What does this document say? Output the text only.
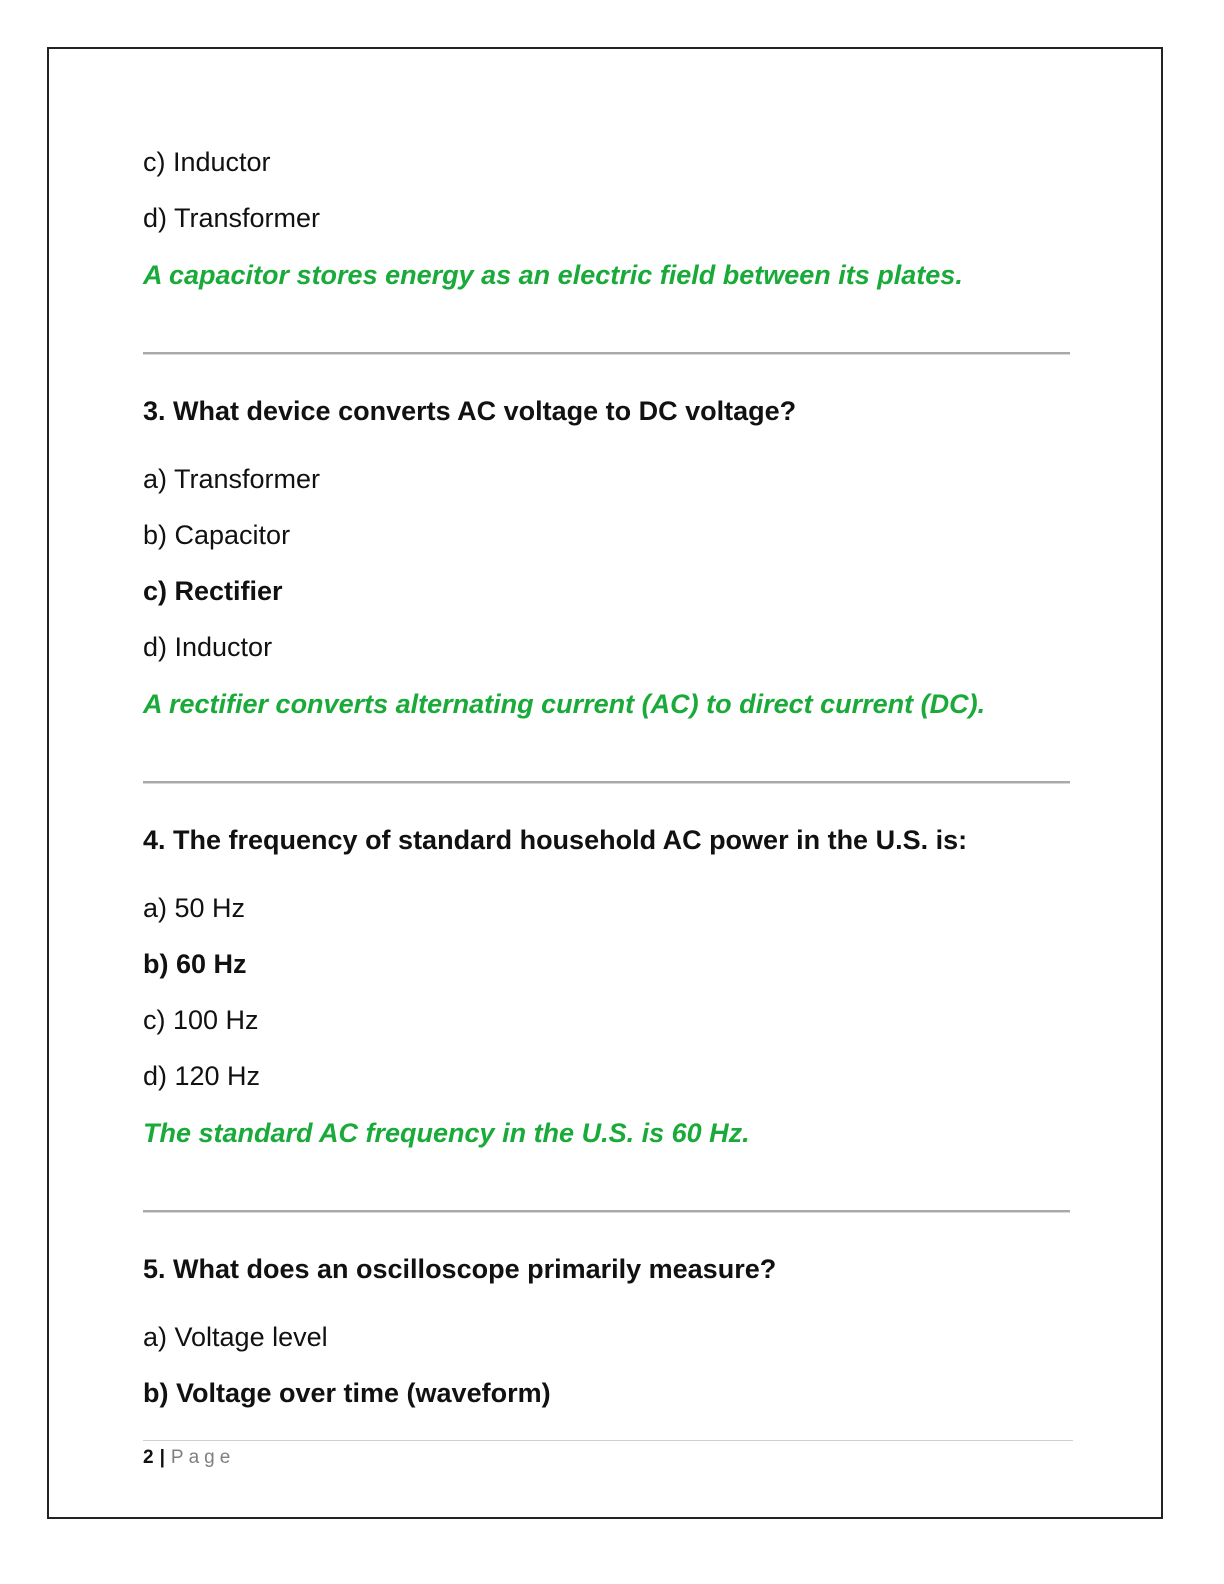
c) Inductor
d) Transformer
A capacitor stores energy as an electric field between its plates.
3. What device converts AC voltage to DC voltage?
a) Transformer
b) Capacitor
c) Rectifier
d) Inductor
A rectifier converts alternating current (AC) to direct current (DC).
4. The frequency of standard household AC power in the U.S. is:
a) 50 Hz
b) 60 Hz
c) 100 Hz
d) 120 Hz
The standard AC frequency in the U.S. is 60 Hz.
5. What does an oscilloscope primarily measure?
a) Voltage level
b) Voltage over time (waveform)
2 | Page
